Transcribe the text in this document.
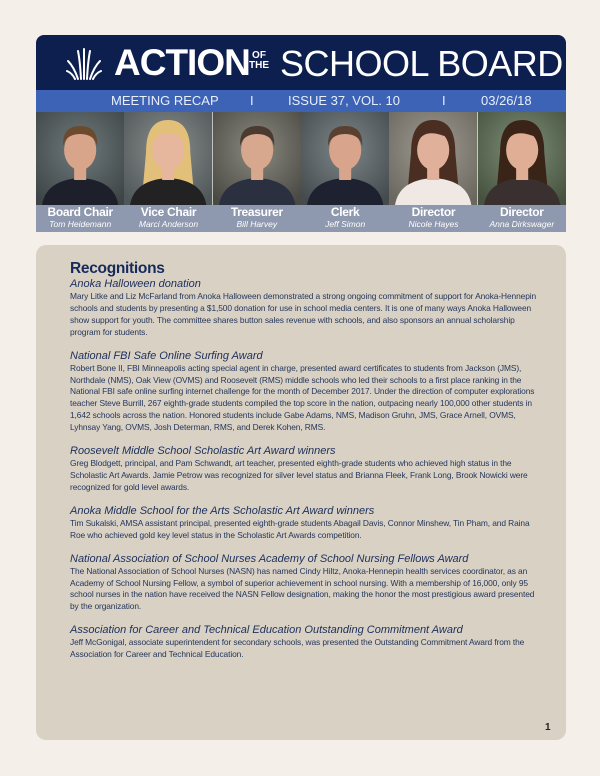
ACTION OF
THE SCHOOL BOARD
MEETING RECAP I	ISSUE 37, VOL. 10	I	03/26/18
Board Chair
Tom Heidemann
Vice Chair
Marci Anderson
Treasurer
Bill Harvey
Clerk
Jeff Simon
Director
Nicole Hayes
Director
Anna Dirkswager
Recognitions
Anoka Halloween donation

Mary Litke and Liz McFarland from Anoka Halloween demonstrated a strong ongoing commitment of support for Anoka-Hennepin schools and students by presenting a $1,500 donation for use in school media centers. It is one of many ways Anoka Halloween show support for youth. The committee shares button sales revenue with schools, and also sponsors an annual scholarship program for students.

National FBI Safe Online Surfing Award

Robert Bone II, FBI Minneapolis acting special agent in charge, presented award certificates to students from Jackson (JMS), Northdale (NMS), Oak View (OVMS) and Roosevelt (RMS) middle schools who led their schools to a first place ranking in the National FBI safe online surfing internet challenge for the month of December 2017. Under the direction of computer explorations teacher Steve Burrill, 267 eighth-grade students compiled the top score in the nation, outpacing nearly 100,000 other students in 1,642 schools across the nation. Honored students include Gabe Adams, NMS, Madison Gruhn, JMS, Grace Arnell, OVMS, Lyhnsay Yang, OVMS, Josh Determan, RMS, and Derek Kohen, RMS.

Roosevelt Middle School Scholastic Art Award winners

Greg Blodgett, principal, and Pam Schwandt, art teacher, presented eighth-grade students who achieved high status in the Scholastic Art Awards. Jamie Petrow was recognized for silver level status and Brianna Fleek, Frank Long, Brook Nowicki were recognized for gold level awards.

Anoka Middle School for the Arts Scholastic Art Award winners

Tim Sukalski, AMSA assistant principal, presented eighth-grade students Abagail Davis, Connor Minshew, Tin Pham, and Raina Roe who achieved gold key level status in the Scholastic Art Awards competition.

National Association of School Nurses Academy of School Nursing Fellows Award

The National Association of School Nurses (NASN) has named Cindy Hiltz, Anoka-Hennepin health services coordinator, as an Academy of School Nursing Fellow, a symbol of superior achievement in school nursing. With a membership of 16,000, only 95 school nurses in the nation have received the NASN Fellow designation, making the honor the most prestigious award presented by the organization.

Association for Career and Technical Education Outstanding Commitment Award

Jeff McGonigal, associate superintendent for secondary schools, was presented the Outstanding Commitment Award from the Association for Career and Technical Education.

1
